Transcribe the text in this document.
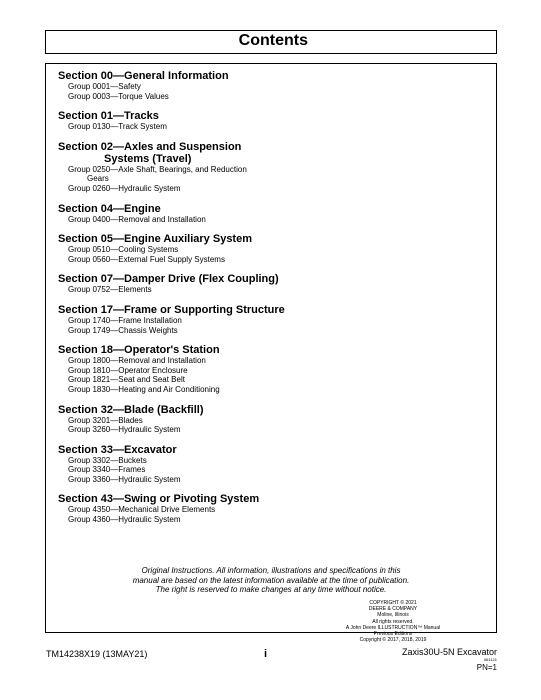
Contents
Section 00—General Information
Group 0001—Safety
Group 0003—Torque Values
Section 01—Tracks
Group 0130—Track System
Section 02—Axles and Suspension
Systems (Travel)
Group 0250—Axle Shaft, Bearings, and Reduction
Gears
Group 0260—Hydraulic System
Section 04—Engine
Group 0400—Removal and Installation
Section 05—Engine Auxiliary System
Group 0510—Cooling Systems
Group 0560—External Fuel Supply Systems
Section 07—Damper Drive (Flex Coupling)
Group 0752—Elements
Section 17—Frame or Supporting Structure
Group 1740—Frame Installation
Group 1749—Chassis Weights
Section 18—Operator's Station
Group 1800—Removal and Installation
Group 1810—Operator Enclosure
Group 1821—Seat and Seat Belt
Group 1830—Heating and Air Conditioning
Section 32—Blade (Backfill)
Group 3201—Blades
Group 3260—Hydraulic System
Section 33—Excavator
Group 3302—Buckets
Group 3340—Frames
Group 3360—Hydraulic System
Section 43—Swing or Pivoting System
Group 4350—Mechanical Drive Elements
Group 4360—Hydraulic System
Original Instructions. All information, illustrations and specifications in this
manual are based on the latest information available at the time of publication.
The right is reserved to make changes at any time without notice.
COPYRIGHT © 2021
DEERE & COMPANY
Moline, Illinois
All rights reserved.
A John Deere ILLUSTRUCTION™ Manual
Previous Editions
Copyright © 2017, 2018, 2019
TM14238X19 (13MAY21)	i	Zaxis30U-5N Excavator
061121
PN=1
